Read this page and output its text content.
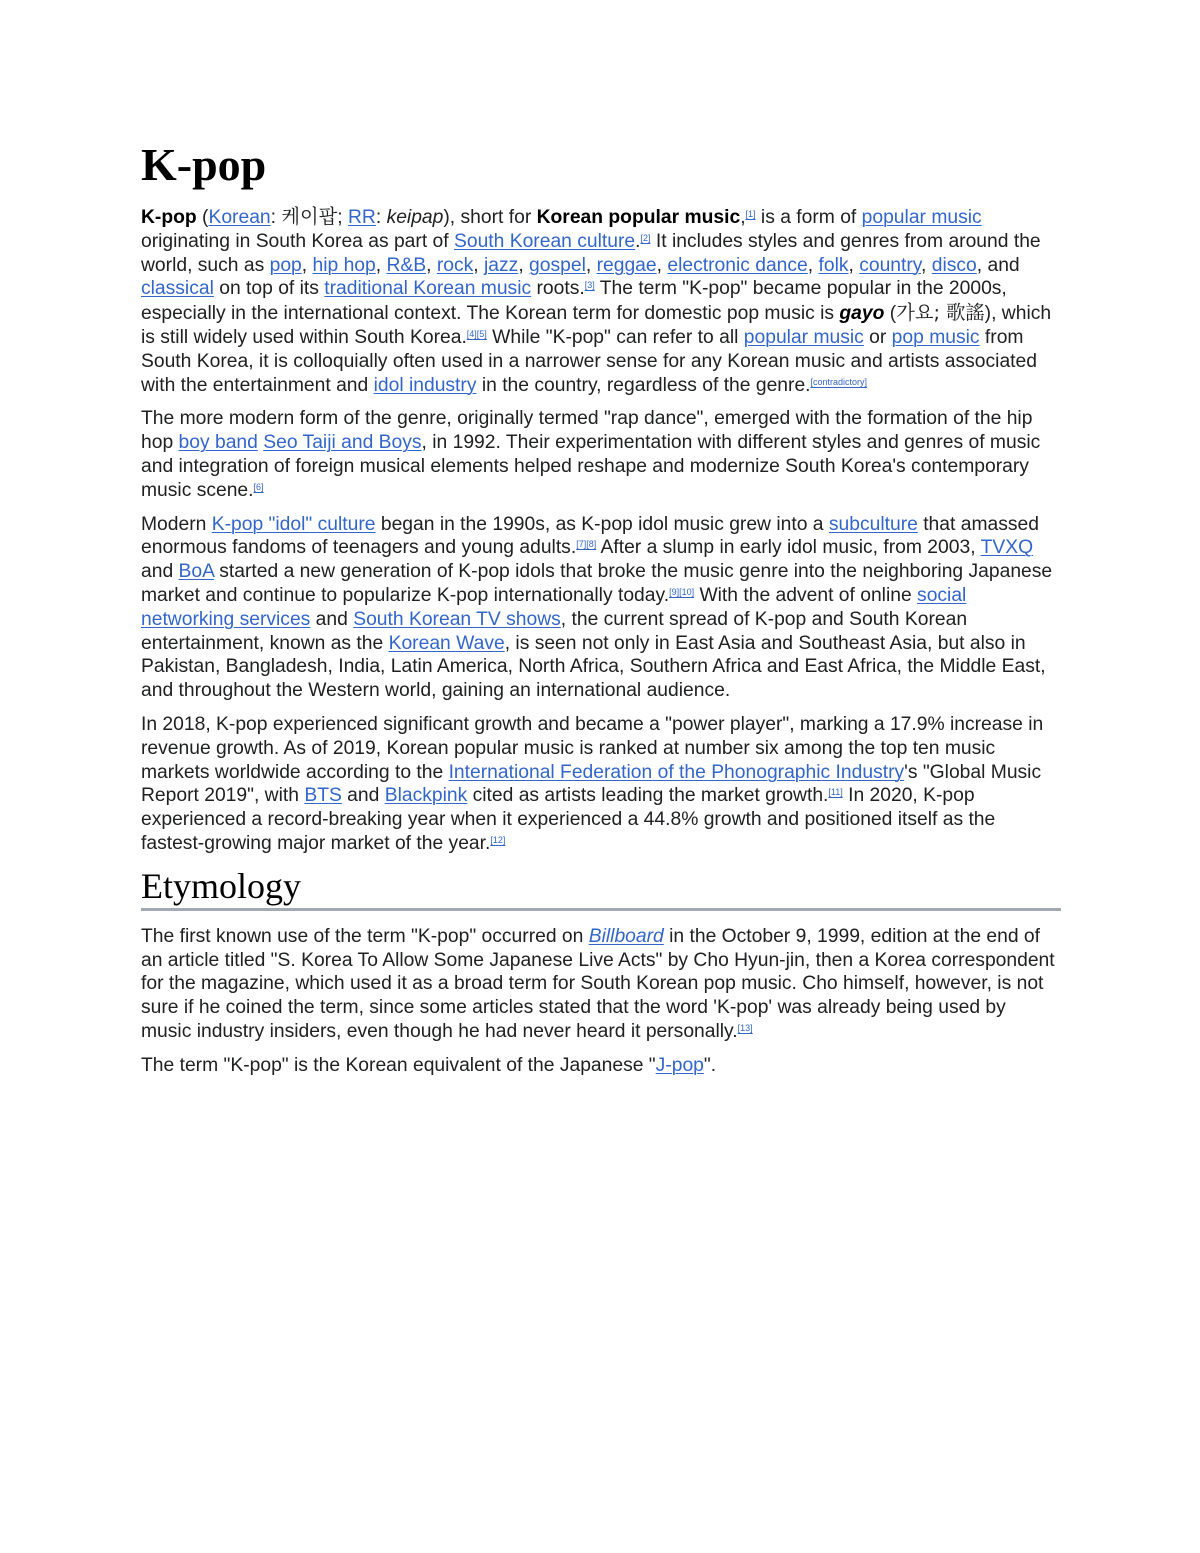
K-pop

K-pop (Korean: 케이팝; RR: keipap), short for Korean popular music,[1] is a form of popular music originating in South Korea as part of South Korean culture.[2] It includes styles and genres from around the world, such as pop, hip hop, R&B, rock, jazz, gospel, reggae, electronic dance, folk, country, disco, and classical on top of its traditional Korean music roots.[3] The term "K-pop" became popular in the 2000s, especially in the international context. The Korean term for domestic pop music is gayo (가요; 歌謠), which is still widely used within South Korea.[4][5] While "K-pop" can refer to all popular music or pop music from South Korea, it is colloquially often used in a narrower sense for any Korean music and artists associated with the entertainment and idol industry in the country, regardless of the genre.[contradictory]

The more modern form of the genre, originally termed "rap dance", emerged with the formation of the hip hop boy band Seo Taiji and Boys, in 1992. Their experimentation with different styles and genres of music and integration of foreign musical elements helped reshape and modernize South Korea's contemporary music scene.[6]

Modern K-pop "idol" culture began in the 1990s, as K-pop idol music grew into a subculture that amassed enormous fandoms of teenagers and young adults.[7][8] After a slump in early idol music, from 2003, TVXQ and BoA started a new generation of K-pop idols that broke the music genre into the neighboring Japanese market and continue to popularize K-pop internationally today.[9][10] With the advent of online social networking services and South Korean TV shows, the current spread of K-pop and South Korean entertainment, known as the Korean Wave, is seen not only in East Asia and Southeast Asia, but also in Pakistan, Bangladesh, India, Latin America, North Africa, Southern Africa and East Africa, the Middle East, and throughout the Western world, gaining an international audience.

In 2018, K-pop experienced significant growth and became a "power player", marking a 17.9% increase in revenue growth. As of 2019, Korean popular music is ranked at number six among the top ten music markets worldwide according to the International Federation of the Phonographic Industry's "Global Music Report 2019", with BTS and Blackpink cited as artists leading the market growth.[11] In 2020, K-pop experienced a record-breaking year when it experienced a 44.8% growth and positioned itself as the fastest-growing major market of the year.[12]

Etymology

The first known use of the term "K-pop" occurred on Billboard in the October 9, 1999, edition at the end of an article titled "S. Korea To Allow Some Japanese Live Acts" by Cho Hyun-jin, then a Korea correspondent for the magazine, which used it as a broad term for South Korean pop music. Cho himself, however, is not sure if he coined the term, since some articles stated that the word 'K-pop' was already being used by music industry insiders, even though he had never heard it personally.[13]

The term "K-pop" is the Korean equivalent of the Japanese "J-pop".
